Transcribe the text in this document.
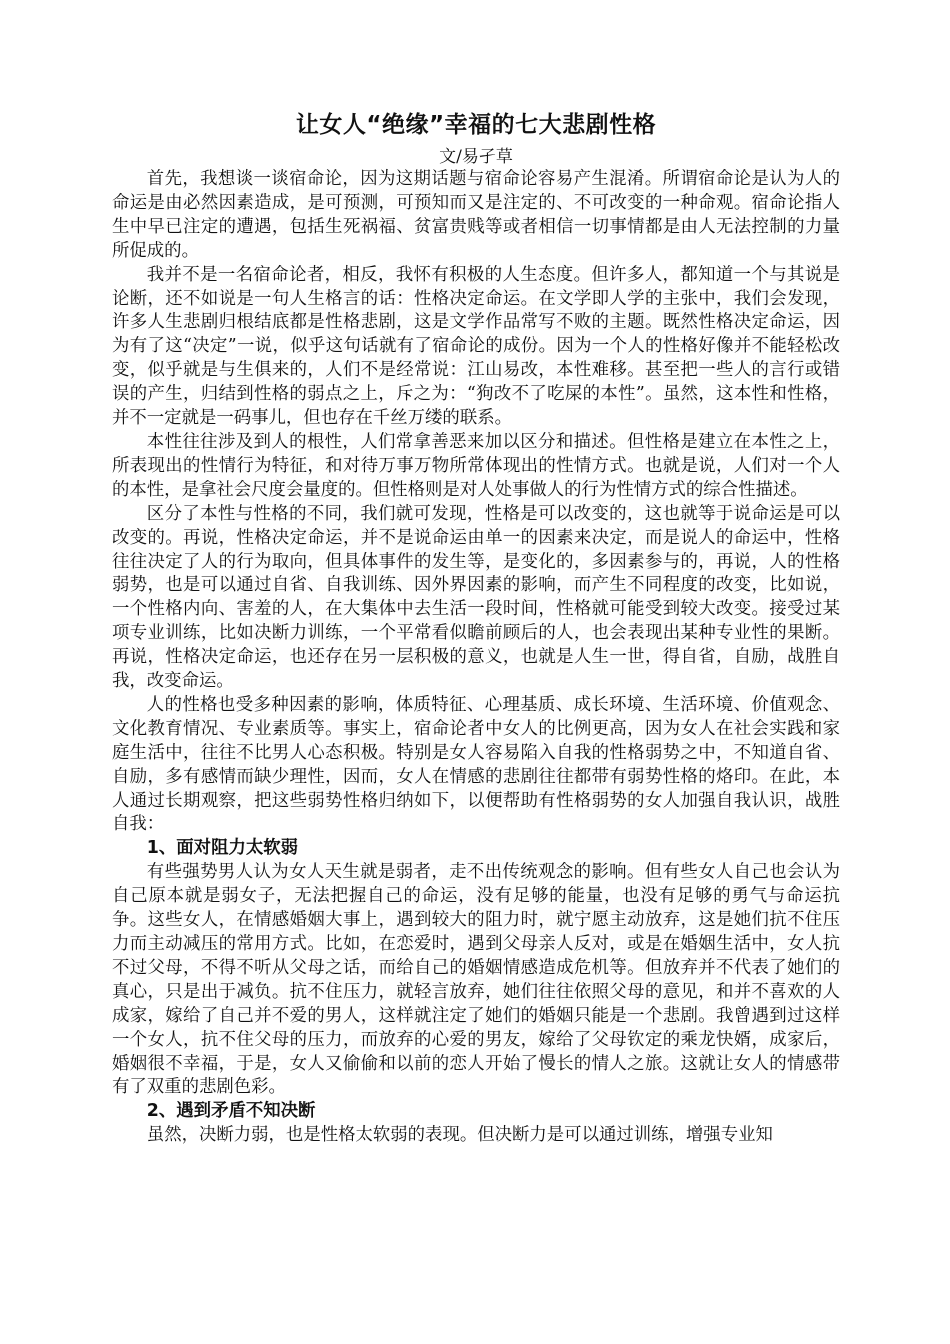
让女人“绝缘”幸福的七大悲剧性格

文/易孑草

首先，我想谈一谈宿命论，因为这期话题与宿命论容易产生混淆。所谓宿命论是认为人的命运是由必然因素造成，是可预测，可预知而又是注定的、不可改变的一种命观。宿命论指人生中早已注定的遭遇，包括生死祸福、贫富贵贱等或者相信一切事情都是由人无法控制的力量所促成的。

我并不是一名宿命论者，相反，我怀有积极的人生态度。但许多人，都知道一个与其说是论断，还不如说是一句人生格言的话：性格决定命运。在文学即人学的主张中，我们会发现，许多人生悲剧归根结底都是性格悲剧，这是文学作品常写不败的主题。既然性格决定命运，因为有了这“决定”一说，似乎这句话就有了宿命论的成份。因为一个人的性格好像并不能轻松改变，似乎就是与生俱来的，人们不是经常说：江山易改，本性难移。甚至把一些人的言行或错误的产生，归结到性格的弱点之上，斥之为：“狗改不了吃屎的本性”。虽然，这本性和性格，并不一定就是一码事儿，但也存在千丝万缕的联系。

本性往往涉及到人的根性，人们常拿善恶来加以区分和描述。但性格是建立在本性之上，所表现出的性情行为特征，和对待万事万物所常体现出的性情方式。也就是说，人们对一个人的本性，是拿社会尺度会量度的。但性格则是对人处事做人的行为性情方式的综合性描述。

区分了本性与性格的不同，我们就可发现，性格是可以改变的，这也就等于说命运是可以改变的。再说，性格决定命运，并不是说命运由单一的因素来决定，而是说人的命运中，性格往往决定了人的行为取向，但具体事件的发生等，是变化的，多因素参与的，再说，人的性格弱势，也是可以通过自省、自我训练、因外界因素的影响，而产生不同程度的改变，比如说，一个性格内向、害羞的人，在大集体中去生活一段时间，性格就可能受到较大改变。接受过某项专业训练，比如决断力训练，一个平常看似瞻前顾后的人，也会表现出某种专业性的果断。再说，性格决定命运，也还存在另一层积极的意义，也就是人生一世，得自省，自励，战胜自我，改变命运。

人的性格也受多种因素的影响，体质特征、心理基质、成长环境、生活环境、价值观念、文化教育情况、专业素质等。事实上，宿命论者中女人的比例更高，因为女人在社会实践和家庭生活中，往往不比男人心态积极。特别是女人容易陷入自我的性格弱势之中，不知道自省、自励，多有感情而缺少理性，因而，女人在情感的悲剧往往都带有弱势性格的烙印。在此，本人通过长期观察，把这些弱势性格归纳如下，以便帮助有性格弱势的女人加强自我认识，战胜自我：

1、面对阻力太软弱

有些强势男人认为女人天生就是弱者，走不出传统观念的影响。但有些女人自己也会认为自己原本就是弱女子，无法把握自己的命运，没有足够的能量，也没有足够的勇气与命运抗争。这些女人，在情感婚姻大事上，遇到较大的阻力时，就宁愿主动放弃，这是她们抗不住压力而主动减压的常用方式。比如，在恋爱时，遇到父母亲人反对，或是在婚姻生活中，女人抗不过父母，不得不听从父母之话，而给自己的婚姻情感造成危机等。但放弃并不代表了她们的真心，只是出于减负。抗不住压力，就轻言放弃，她们往往依照父母的意见，和并不喜欢的人成家，嫁给了自己并不爱的男人，这样就注定了她们的婚姻只能是一个悲剧。我曾遇到过这样一个女人，抗不住父母的压力，而放弃的心爱的男友，嫁给了父母钦定的乘龙快婿，成家后，婚姻很不幸福，于是，女人又偷偷和以前的恋人开始了慢长的情人之旅。这就让女人的情感带有了双重的悲剧色彩。

2、遇到矛盾不知决断

虽然，决断力弱，也是性格太软弱的表现。但决断力是可以通过训练，增强专业知
